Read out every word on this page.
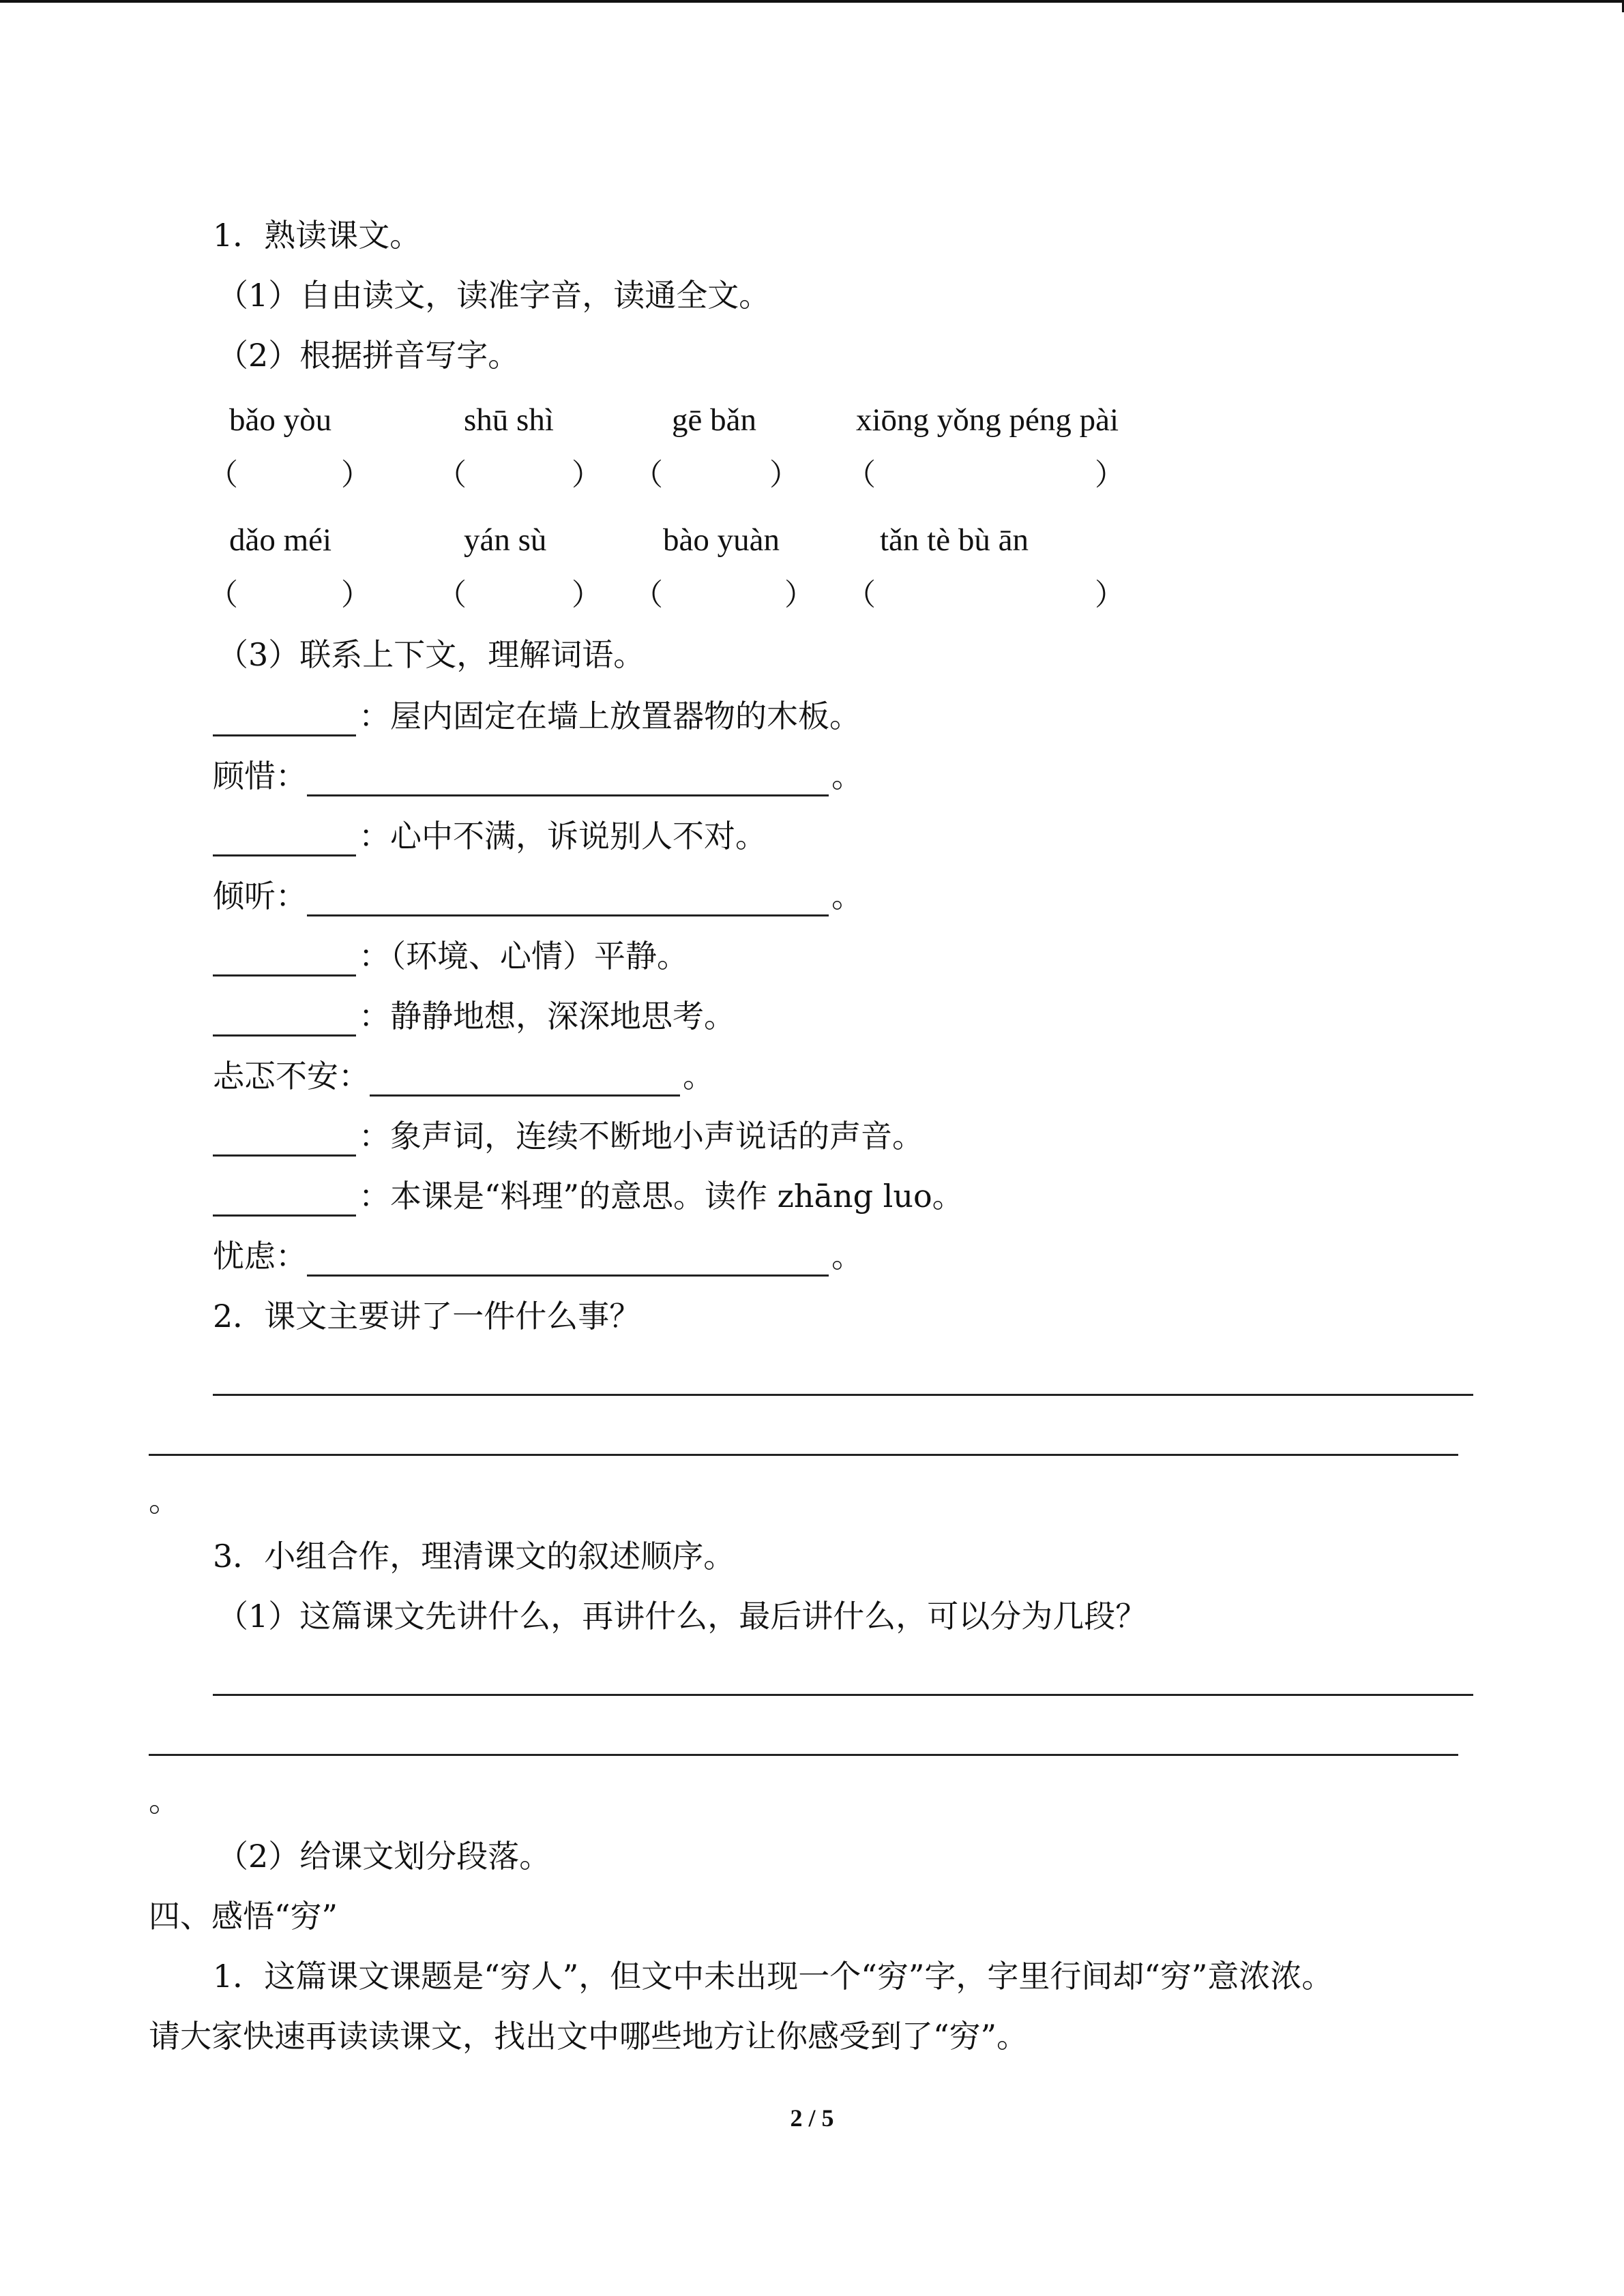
1．熟读课文。
（1）自由读文，读准字音，读通全文。
（2）根据拼音写字。
bǎo yòu	shū shì	gē bǎn	xiōng yǒng péng pài
（	） （	） （	） （	）
dǎo méi	yán sù	bào yuàn	tǎn tè bù ān
（	） （	） （	） （	）
（3）联系上下文，理解词语。
：屋内固定在墙上放置器物的木板。
顾惜：	。
：心中不满，诉说别人不对。
倾听：	。
：（环境、心情）平静。
：静静地想，深深地思考。
忐忑不安：	。
：象声词，连续不断地小声说话的声音。
：本课是“料理”的意思。读作 zhāng luo。
忧虑：	。
2．课文主要讲了一件什么事？
。
3．小组合作，理清课文的叙述顺序。
（1）这篇课文先讲什么，再讲什么，最后讲什么，可以分为几段？
。
（2）给课文划分段落。
四、感悟“穷”
1．这篇课文课题是“穷人”，但文中未出现一个“穷”字，字里行间却“穷”意浓浓。
请大家快速再读读课文，找出文中哪些地方让你感受到了“穷”。
2 / 5
